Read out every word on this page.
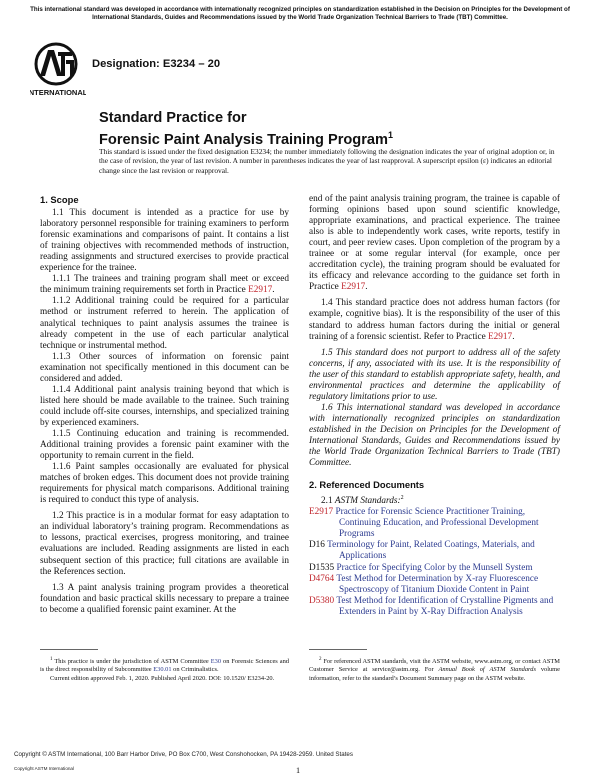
This international standard was developed in accordance with internationally recognized principles on standardization established in the Decision on Principles for the Development of International Standards, Guides and Recommendations issued by the World Trade Organization Technical Barriers to Trade (TBT) Committee.
INTERNATIONAL
Designation: E3234 – 20
Standard Practice for
Forensic Paint Analysis Training Program$^1$
This standard is issued under the fixed designation E3234; the number immediately following the designation indicates the year of original adoption or, in the case of revision, the year of last revision. A number in parentheses indicates the year of last reapproval. A superscript epsilon (ε) indicates an editorial change since the last revision or reapproval.
1. Scope

1.1 This document is intended as a practice for use by laboratory personnel responsible for training examiners to perform forensic examinations and comparisons of paint. It contains a list of training objectives with recommended methods of instruction, reading assignments and structured exercises to provide practical experience for the trainee.

1.1.1 The trainees and training program shall meet or exceed the minimum training requirements set forth in Practice E2917.

1.1.2 Additional training could be required for a particular method or instrument referred to herein. The application of analytical techniques to paint analysis assumes the trainee is already competent in the use of each particular analytical technique or instrumental method.

1.1.3 Other sources of information on forensic paint examination not specifically mentioned in this document can be considered and added.

1.1.4 Additional paint analysis training beyond that which is listed here should be made available to the trainee. Such training could include off-site courses, internships, and specialized training by experienced examiners.

1.1.5 Continuing education and training is recommended. Additional training provides a forensic paint examiner with the opportunity to remain current in the field.

1.1.6 Paint samples occasionally are evaluated for physical matches of broken edges. This document does not provide training requirements for physical match comparisons. Additional training is required to conduct this type of analysis.

1.2 This practice is in a modular format for easy adaptation to an individual laboratory’s training program. Recommendations as to lessons, practical exercises, progress monitoring, and trainee evaluations are included. Reading assignments are listed in each subsequent section of this practice; full citations are available in the References section.

1.3 A paint analysis training program provides a theoretical foundation and basic practical skills necessary to prepare a trainee to become a qualified forensic paint examiner. At the

end of the paint analysis training program, the trainee is capable of forming opinions based upon sound scientific knowledge, appropriate examinations, and practical experience. The trainee also is able to independently work cases, write reports, testify in court, and peer review cases. Upon completion of the program by a trainee or at some regular interval (for example, once per accreditation cycle), the training program should be evaluated for its efficacy and relevance according to the guidance set forth in Practice E2917.

1.4 This standard practice does not address human factors (for example, cognitive bias). It is the responsibility of the user of this standard to address human factors during the initial or general training of a forensic scientist. Refer to Practice E2917.

1.5 This standard does not purport to address all of the safety concerns, if any, associated with its use. It is the responsibility of the user of this standard to establish appropriate safety, health, and environmental practices and determine the applicability of regulatory limitations prior to use.

1.6 This international standard was developed in accordance with internationally recognized principles on standardization established in the Decision on Principles for the Development of International Standards, Guides and Recommendations issued by the World Trade Organization Technical Barriers to Trade (TBT) Committee.

2. Referenced Documents

2.1 ASTM Standards:$^2$

E2917 Practice for Forensic Science Practitioner Training, Continuing Education, and Professional Development Programs

D16 Terminology for Paint, Related Coatings, Materials, and Applications

D1535 Practice for Specifying Color by the Munsell System

D4764 Test Method for Determination by X-ray Fluorescence Spectroscopy of Titanium Dioxide Content in Paint

D5380 Test Method for Identification of Crystalline Pigments and Extenders in Paint by X-Ray Diffraction Analysis

$^1$ This practice is under the jurisdiction of ASTM Committee E30 on Forensic Sciences and is the direct responsibility of Subcommittee E30.01 on Criminalistics.
Current edition approved Feb. 1, 2020. Published April 2020. DOI: 10.1520/ E3234-20.
$^2$ For referenced ASTM standards, visit the ASTM website, www.astm.org, or contact ASTM Customer Service at service@astm.org. For Annual Book of ASTM Standards volume information, refer to the standard’s Document Summary page on the ASTM website.
Copyright © ASTM International, 100 Barr Harbor Drive, PO Box C700, West Conshohocken, PA 19428-2959. United States
Copyright ASTM International	1
